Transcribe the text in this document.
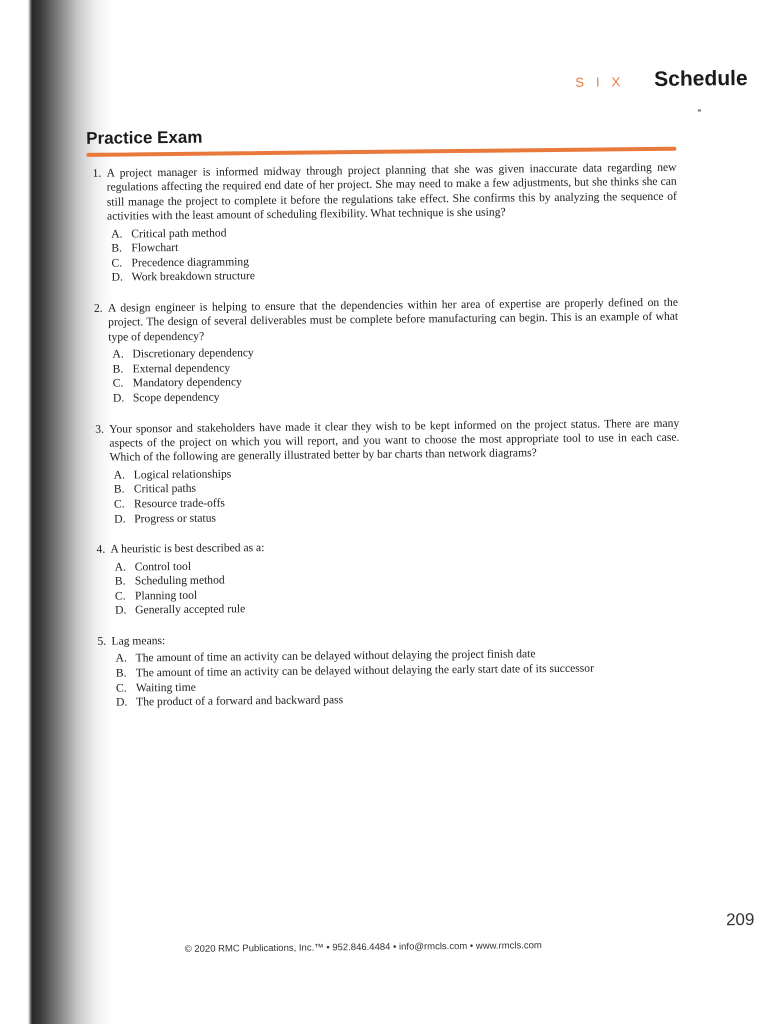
SIX Schedule
Practice Exam
1. A project manager is informed midway through project planning that she was given inaccurate data regarding new regulations affecting the required end date of her project. She may need to make a few adjustments, but she thinks she can still manage the project to complete it before the regulations take effect. She confirms this by analyzing the sequence of activities with the least amount of scheduling flexibility. What technique is she using?
A. Critical path method
B. Flowchart
C. Precedence diagramming
D. Work breakdown structure
2. A design engineer is helping to ensure that the dependencies within her area of expertise are properly defined on the project. The design of several deliverables must be complete before manufacturing can begin. This is an example of what type of dependency?
A. Discretionary dependency
B. External dependency
C. Mandatory dependency
D. Scope dependency
3. Your sponsor and stakeholders have made it clear they wish to be kept informed on the project status. There are many aspects of the project on which you will report, and you want to choose the most appropriate tool to use in each case. Which of the following are generally illustrated better by bar charts than network diagrams?
A. Logical relationships
B. Critical paths
C. Resource trade-offs
D. Progress or status
4. A heuristic is best described as a:
A. Control tool
B. Scheduling method
C. Planning tool
D. Generally accepted rule
5. Lag means:
A. The amount of time an activity can be delayed without delaying the project finish date
B. The amount of time an activity can be delayed without delaying the early start date of its successor
C. Waiting time
D. The product of a forward and backward pass
209
© 2020 RMC Publications, Inc.™ • 952.846.4484 • info@rmcls.com • www.rmcls.com
